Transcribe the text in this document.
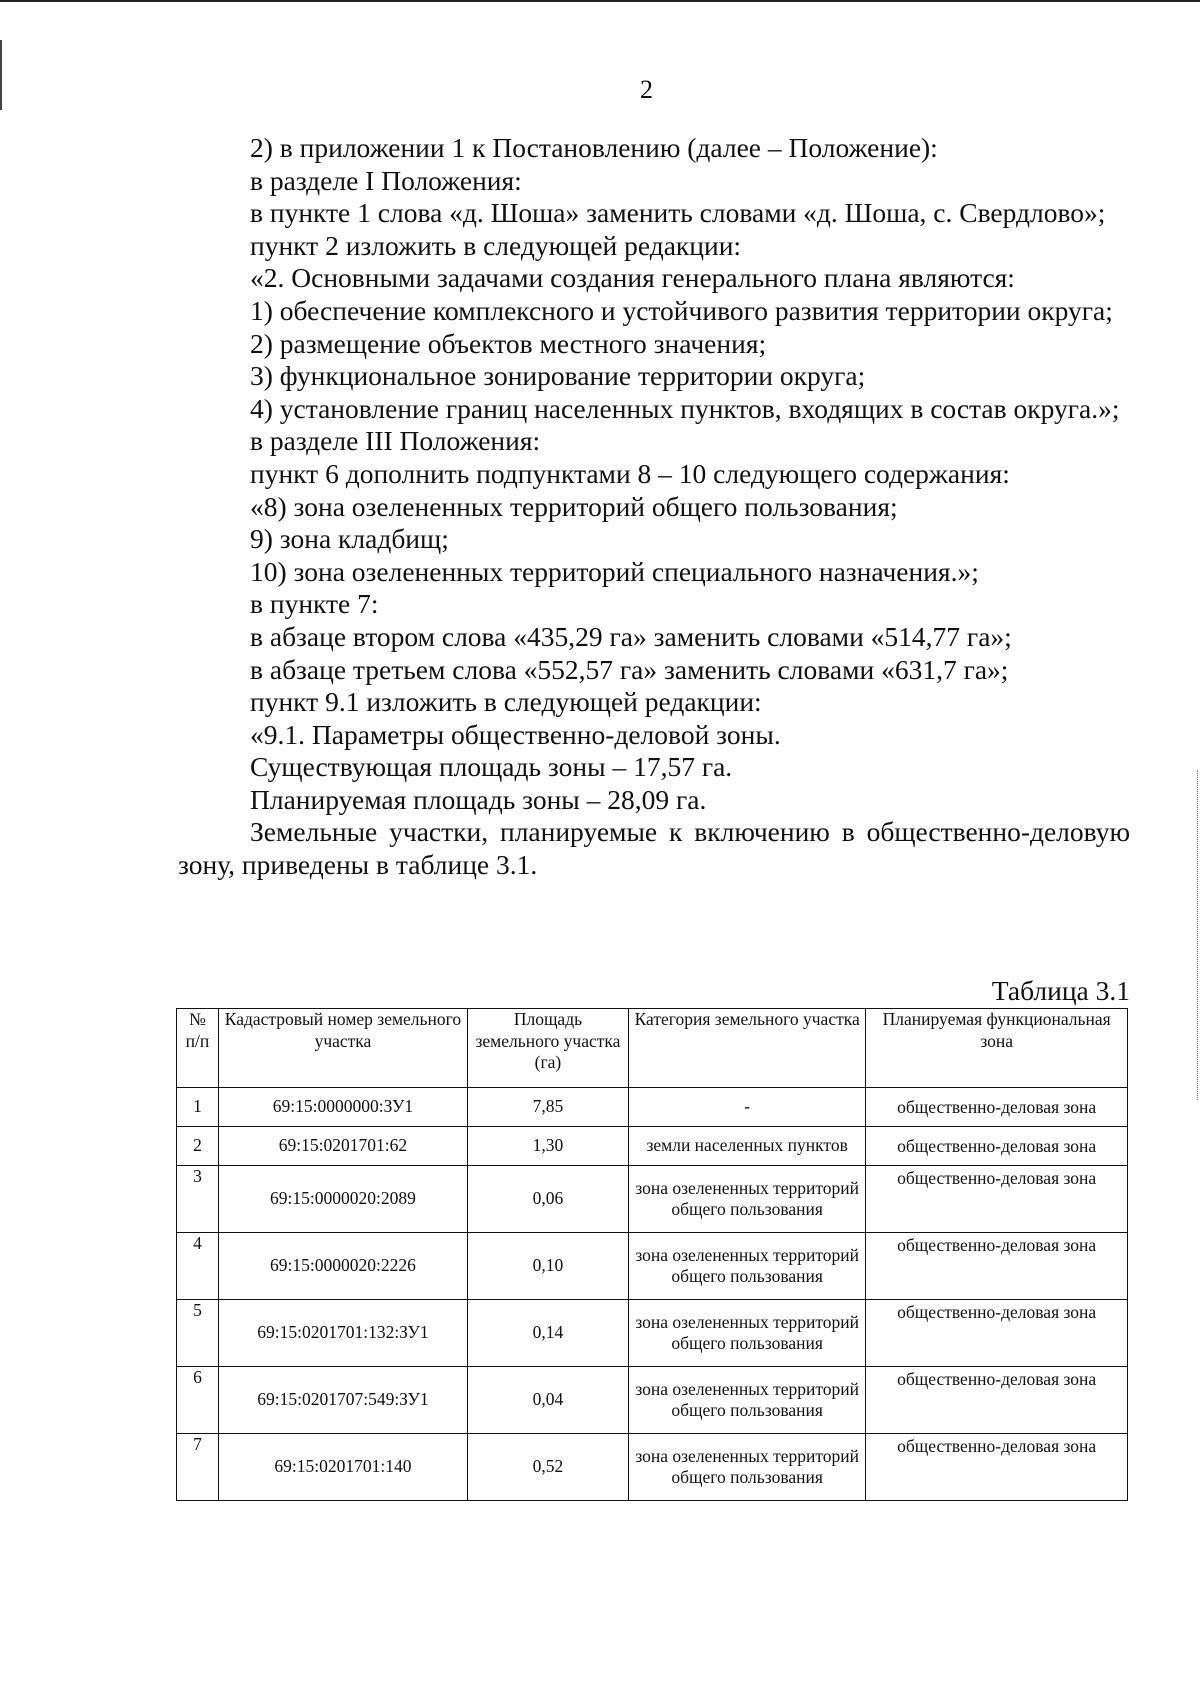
2

2) в приложении 1 к Постановлению (далее – Положение):

в разделе I Положения:

в пункте 1 слова «д. Шоша» заменить словами «д. Шоша, с. Свердлово»;

пункт 2 изложить в следующей редакции:

«2. Основными задачами создания генерального плана являются:

1) обеспечение комплексного и устойчивого развития территории округа;

2) размещение объектов местного значения;

3) функциональное зонирование территории округа;

4) установление границ населенных пунктов, входящих в состав округа.»;

в разделе III Положения:

пункт 6 дополнить подпунктами 8 – 10 следующего содержания:

«8) зона озелененных территорий общего пользования;

9) зона кладбищ;

10) зона озелененных территорий специального назначения.»;

в пункте 7:

в абзаце втором слова «435,29 га» заменить словами «514,77 га»;

в абзаце третьем слова «552,57 га» заменить словами «631,7 га»;

пункт 9.1 изложить в следующей редакции:

«9.1. Параметры общественно-деловой зоны.

Существующая площадь зоны – 17,57 га.

Планируемая площадь зоны – 28,09 га.

Земельные участки, планируемые к включению в общественно-деловую зону, приведены в таблице 3.1.

Таблица 3.1
№ п/п	Кадастровый номер земельного участка	Площадь земельного участка (га)	Категория земельного участка	Планируемая функциональная зона
1	69:15:0000000:ЗУ1	7,85	-	общественно-деловая зона
2	69:15:0201701:62	1,30	земли населенных пунктов	общественно-деловая зона
3	69:15:0000020:2089	0,06	зона озелененных территорий общего пользования	общественно-деловая зона
4	69:15:0000020:2226	0,10	зона озелененных территорий общего пользования	общественно-деловая зона
5	69:15:0201701:132:ЗУ1	0,14	зона озелененных территорий общего пользования	общественно-деловая зона
6	69:15:0201707:549:ЗУ1	0,04	зона озелененных территорий общего пользования	общественно-деловая зона
7	69:15:0201701:140	0,52	зона озелененных территорий общего пользования	общественно-деловая зона
